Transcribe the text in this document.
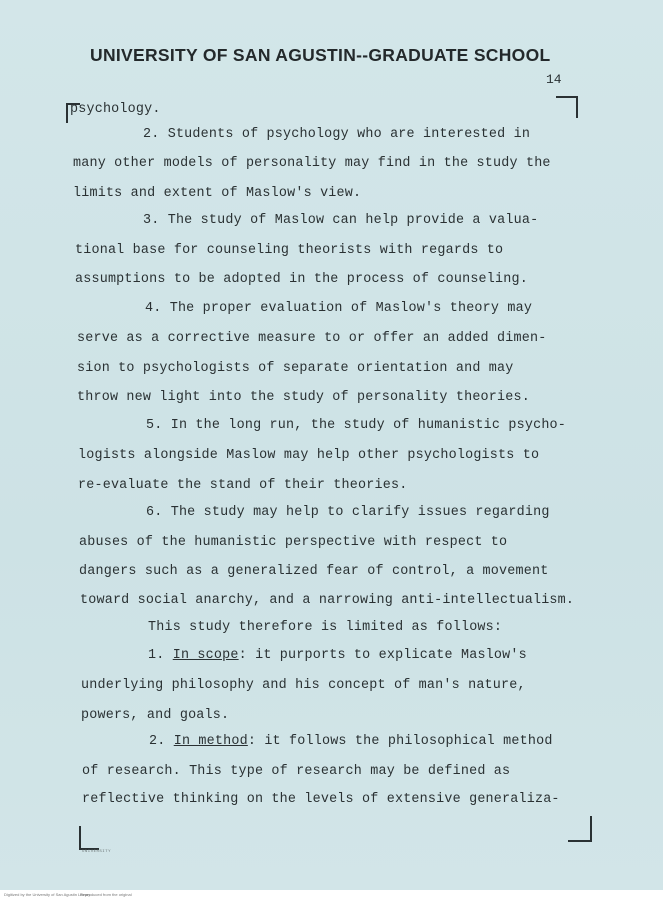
UNIVERSITY OF SAN AGUSTIN--GRADUATE SCHOOL
14
psychology.
2. Students of psychology who are interested in
many other models of personality may find in the study the
limits and extent of Maslow's view.
3. The study of Maslow can help provide a valua-
tional base for counseling theorists with regards to
assumptions to be adopted in the process of counseling.
4. The proper evaluation of Maslow's theory may
serve as a corrective measure to or offer an added dimen-
sion to psychologists of separate orientation and may
throw new light into the study of personality theories.
5. In the long run, the study of humanistic psycho-
logists alongside Maslow may help other psychologists to
re-evaluate the stand of their theories.
6. The study may help to clarify issues regarding
abuses of the humanistic perspective with respect to
dangers such as a generalized fear of control, a movement
toward social anarchy, and a narrowing anti-intellectualism.
This study therefore is limited as follows:
1. In scope: it purports to explicate Maslow's
underlying philosophy and his concept of man's nature,
powers, and goals.
2. In method: it follows the philosophical method
of research. This type of research may be defined as
reflective thinking on the levels of extensive generaliza-
UNIVERSITY
Digitized by the University of San Agustin Library
Reproduced from the original
